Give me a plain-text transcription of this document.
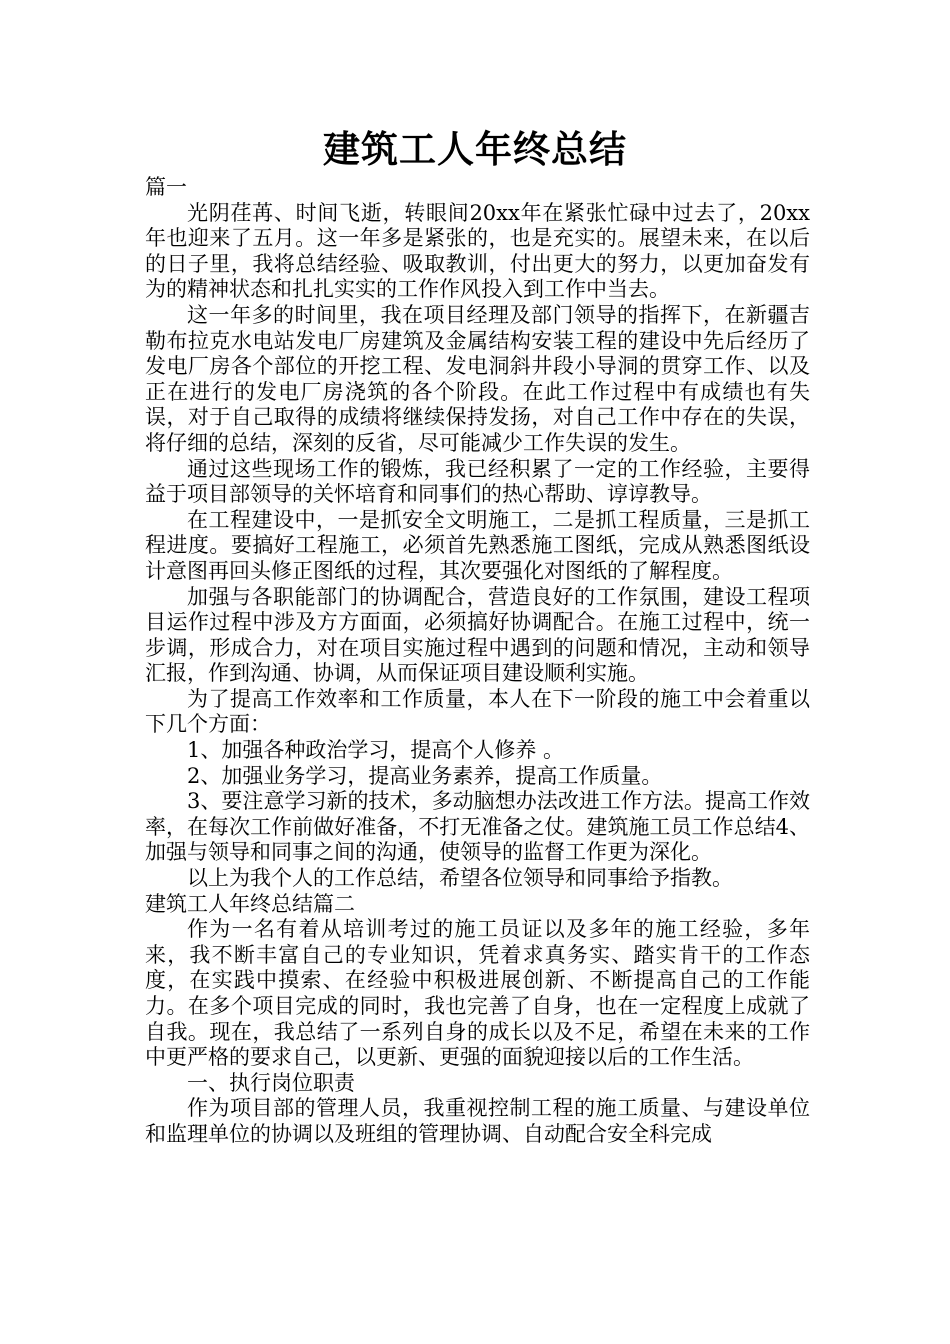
建筑工人年终总结

篇一

光阴荏苒、时间飞逝，转眼间20xx年在紧张忙碌中过去了，20xx年也迎来了五月。这一年多是紧张的，也是充实的。展望未来，在以后的日子里，我将总结经验、吸取教训，付出更大的努力，以更加奋发有为的精神状态和扎扎实实的工作作风投入到工作中当去。

这一年多的时间里，我在项目经理及部门领导的指挥下，在新疆吉勒布拉克水电站发电厂房建筑及金属结构安装工程的建设中先后经历了发电厂房各个部位的开挖工程、发电洞斜井段小导洞的贯穿工作、以及正在进行的发电厂房浇筑的各个阶段。在此工作过程中有成绩也有失误，对于自己取得的成绩将继续保持发扬，对自己工作中存在的失误，将仔细的总结，深刻的反省，尽可能减少工作失误的发生。

通过这些现场工作的锻炼，我已经积累了一定的工作经验，主要得益于项目部领导的关怀培育和同事们的热心帮助、谆谆教导。

在工程建设中，一是抓安全文明施工，二是抓工程质量，三是抓工程进度。要搞好工程施工，必须首先熟悉施工图纸，完成从熟悉图纸设计意图再回头修正图纸的过程，其次要强化对图纸的了解程度。

加强与各职能部门的协调配合，营造良好的工作氛围，建设工程项目运作过程中涉及方方面面，必须搞好协调配合。在施工过程中，统一步调，形成合力，对在项目实施过程中遇到的问题和情况，主动和领导汇报，作到沟通、协调，从而保证项目建设顺利实施。

为了提高工作效率和工作质量，本人在下一阶段的施工中会着重以下几个方面：

1、加强各种政治学习，提高个人修养 。

2、加强业务学习，提高业务素养，提高工作质量。

3、要注意学习新的技术，多动脑想办法改进工作方法。提高工作效率，在每次工作前做好准备，不打无准备之仗。建筑施工员工作总结4、加强与领导和同事之间的沟通，使领导的监督工作更为深化。

以上为我个人的工作总结，希望各位领导和同事给予指教。

建筑工人年终总结篇二

作为一名有着从培训考过的施工员证以及多年的施工经验，多年来，我不断丰富自己的专业知识，凭着求真务实、踏实肯干的工作态度，在实践中摸索、在经验中积极进展创新、不断提高自己的工作能力。在多个项目完成的同时，我也完善了自身，也在一定程度上成就了自我。现在，我总结了一系列自身的成长以及不足，希望在未来的工作中更严格的要求自己，以更新、更强的面貌迎接以后的工作生活。

一、执行岗位职责

作为项目部的管理人员，我重视控制工程的施工质量、与建设单位和监理单位的协调以及班组的管理协调、自动配合安全科完成
